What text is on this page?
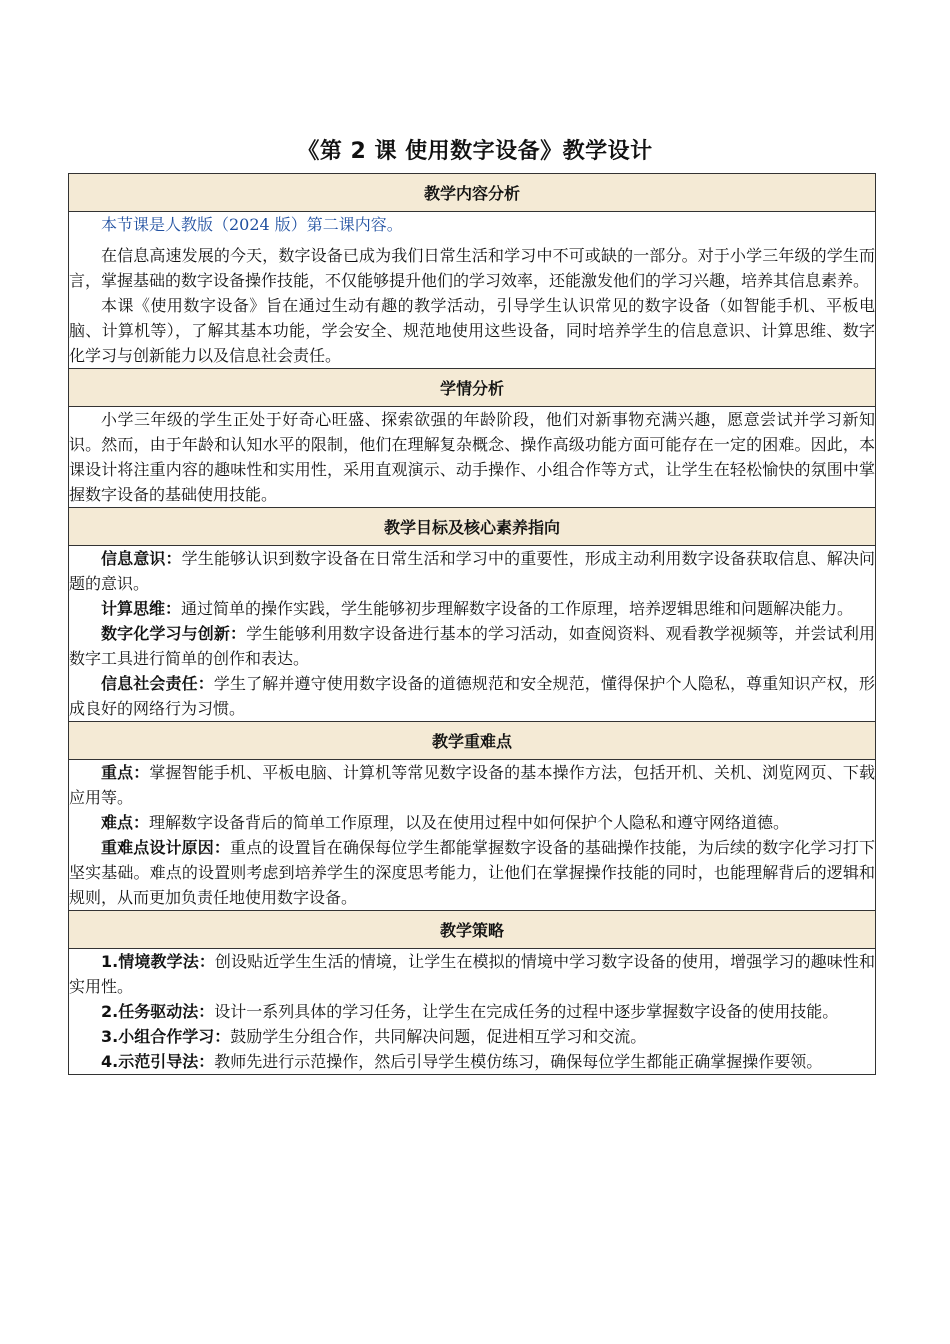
《第 2 课 使用数字设备》教学设计
教学内容分析

本节课是人教版（2024 版）第二课内容。

在信息高速发展的今天，数字设备已成为我们日常生活和学习中不可或缺的一部分。对于小学三年级的学生而言，掌握基础的数字设备操作技能，不仅能够提升他们的学习效率，还能激发他们的学习兴趣，培养其信息素养。

本课《使用数字设备》旨在通过生动有趣的教学活动，引导学生认识常见的数字设备（如智能手机、平板电脑、计算机等），了解其基本功能，学会安全、规范地使用这些设备，同时培养学生的信息意识、计算思维、数字化学习与创新能力以及信息社会责任。

学情分析

小学三年级的学生正处于好奇心旺盛、探索欲强的年龄阶段，他们对新事物充满兴趣，愿意尝试并学习新知识。然而，由于年龄和认知水平的限制，他们在理解复杂概念、操作高级功能方面可能存在一定的困难。因此，本课设计将注重内容的趣味性和实用性，采用直观演示、动手操作、小组合作等方式，让学生在轻松愉快的氛围中掌握数字设备的基础使用技能。

教学目标及核心素养指向

信息意识：学生能够认识到数字设备在日常生活和学习中的重要性，形成主动利用数字设备获取信息、解决问题的意识。

计算思维：通过简单的操作实践，学生能够初步理解数字设备的工作原理，培养逻辑思维和问题解决能力。

数字化学习与创新：学生能够利用数字设备进行基本的学习活动，如查阅资料、观看教学视频等，并尝试利用数字工具进行简单的创作和表达。

信息社会责任：学生了解并遵守使用数字设备的道德规范和安全规范，懂得保护个人隐私，尊重知识产权，形成良好的网络行为习惯。

教学重难点

重点：掌握智能手机、平板电脑、计算机等常见数字设备的基本操作方法，包括开机、关机、浏览网页、下载应用等。

难点：理解数字设备背后的简单工作原理，以及在使用过程中如何保护个人隐私和遵守网络道德。

重难点设计原因：重点的设置旨在确保每位学生都能掌握数字设备的基础操作技能，为后续的数字化学习打下坚实基础。难点的设置则考虑到培养学生的深度思考能力，让他们在掌握操作技能的同时，也能理解背后的逻辑和规则，从而更加负责任地使用数字设备。

教学策略

1.情境教学法：创设贴近学生生活的情境，让学生在模拟的情境中学习数字设备的使用，增强学习的趣味性和实用性。

2.任务驱动法：设计一系列具体的学习任务，让学生在完成任务的过程中逐步掌握数字设备的使用技能。

3.小组合作学习：鼓励学生分组合作，共同解决问题，促进相互学习和交流。

4.示范引导法：教师先进行示范操作，然后引导学生模仿练习，确保每位学生都能正确掌握操作要领。
